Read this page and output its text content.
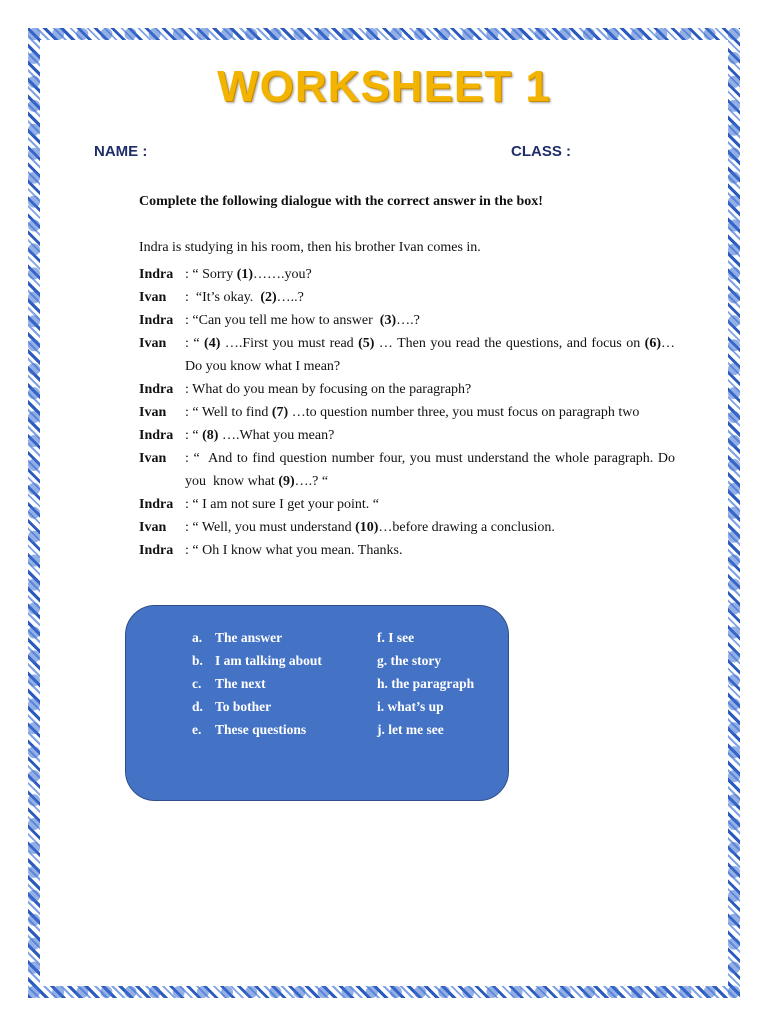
WORKSHEET 1
NAME :	CLASS :
Complete the following dialogue with the correct answer in the box!
Indra is studying in his room, then his brother Ivan comes in.
Indra : “ Sorry (1)…….you?
Ivan	:  “It’s okay.  (2)…..?
Indra : “Can you tell me how to answer  (3)….?
Ivan	: “ (4) ….First you must read (5) … Then you read the questions, and focus on (6)… Do you know what I mean?
Indra : What do you mean by focusing on the paragraph?
Ivan	: “ Well to find (7) …to question number three, you must focus on paragraph two
Indra : “ (8) ….What you mean?
Ivan	: “  And to find question number four, you must understand the whole paragraph. Do you  know what (9)….? “
Indra : “ I am not sure I get your point. “
Ivan	: “ Well, you must understand (10)…before drawing a conclusion.
Indra : “ Oh I know what you mean. Thanks.
a. The answer
b. I am talking about
c. The next
d. To bother
e. These questions
f. I see
g. the story
h. the paragraph
i. what’s up
j. let me see
